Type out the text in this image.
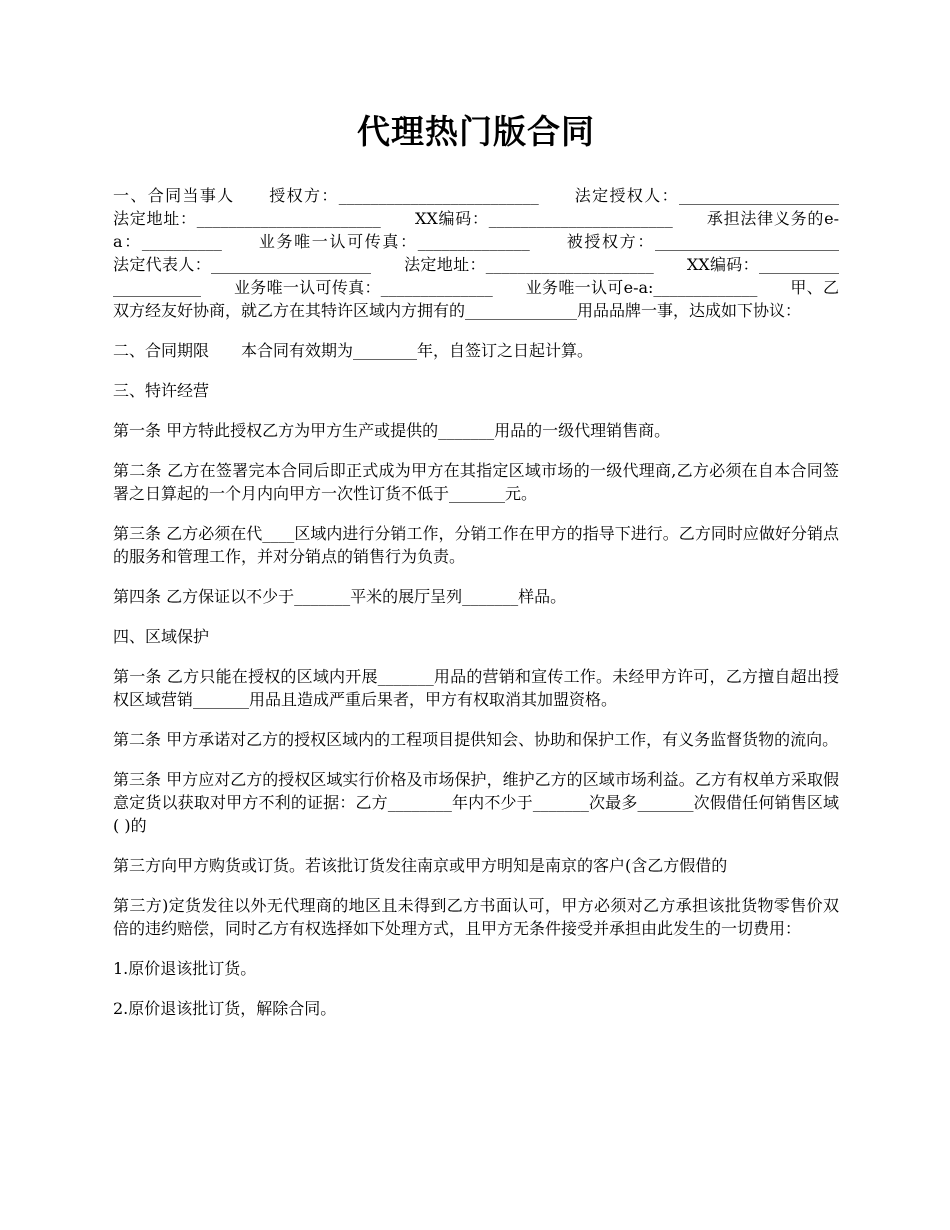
代理热门版合同

一、合同当事人　　授权方：_________________________　　法定授权人：____________________　　法定地址：_______________________　　XX编码：_______________________　　承担法律义务的e-a：__________　　业务唯一认可传真：______________　　被授权方：_______________________　　法定代表人：____________________　　法定地址：_____________________　　XX编码：_____________________　　业务唯一认可传真：______________　　业务唯一认可e-a:_____________　　甲、乙双方经友好协商，就乙方在其特许区域内方拥有的______________用品品牌一事，达成如下协议：

二、合同期限　　本合同有效期为________年，自签订之日起计算。

三、特许经营

第一条 甲方特此授权乙方为甲方生产或提供的_______用品的一级代理销售商。

第二条 乙方在签署完本合同后即正式成为甲方在其指定区域市场的一级代理商,乙方必须在自本合同签署之日算起的一个月内向甲方一次性订货不低于_______元。

第三条 乙方必须在代____区域内进行分销工作，分销工作在甲方的指导下进行。乙方同时应做好分销点的服务和管理工作，并对分销点的销售行为负责。

第四条 乙方保证以不少于_______平米的展厅呈列_______样品。

四、区域保护

第一条 乙方只能在授权的区域内开展_______用品的营销和宣传工作。未经甲方许可，乙方擅自超出授权区域营销_______用品且造成严重后果者，甲方有权取消其加盟资格。

第二条 甲方承诺对乙方的授权区域内的工程项目提供知会、协助和保护工作，有义务监督货物的流向。

第三条 甲方应对乙方的授权区域实行价格及市场保护，维护乙方的区域市场利益。乙方有权单方采取假意定货以获取对甲方不利的证据：乙方________年内不少于_______次最多_______次假借任何销售区域( )的

第三方向甲方购货或订货。若该批订货发往南京或甲方明知是南京的客户(含乙方假借的

第三方)定货发往以外无代理商的地区且未得到乙方书面认可，甲方必须对乙方承担该批货物零售价双倍的违约赔偿，同时乙方有权选择如下处理方式，且甲方无条件接受并承担由此发生的一切费用：

1.原价退该批订货。

2.原价退该批订货，解除合同。
